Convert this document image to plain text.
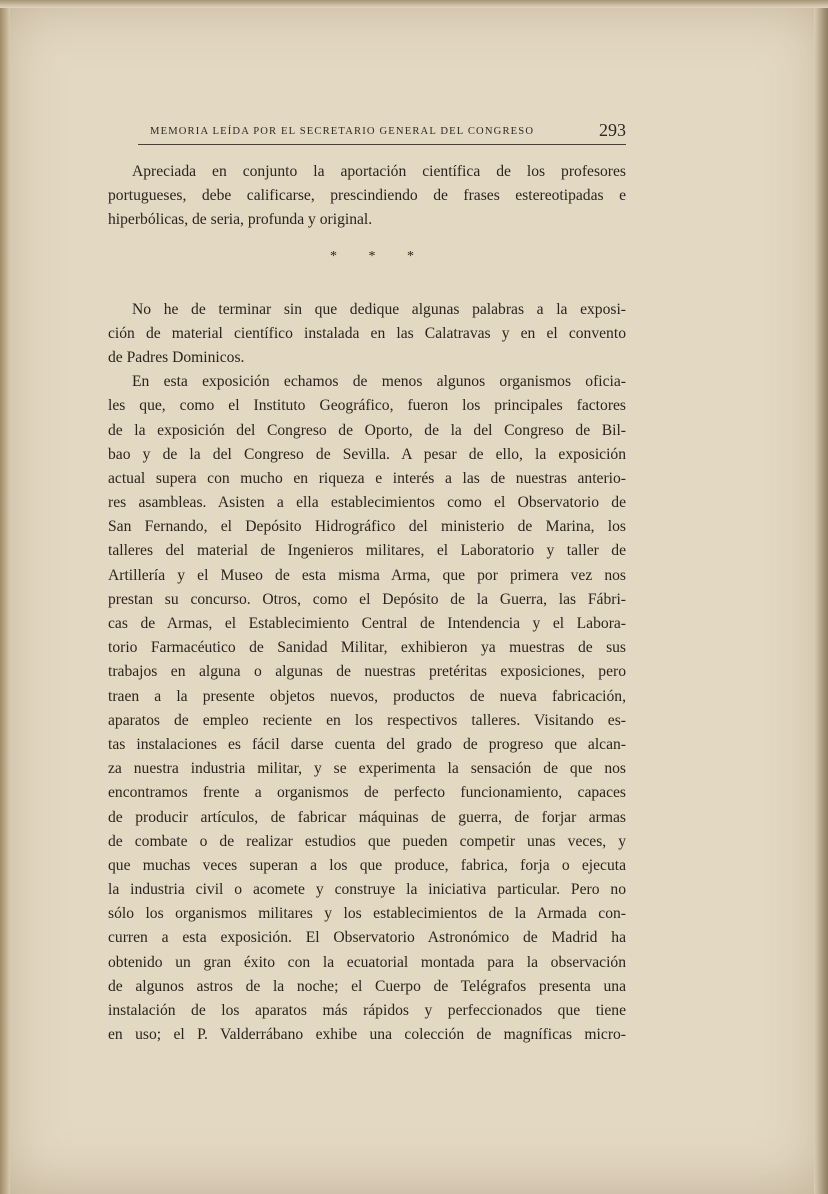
MEMORIA LEÍDA POR EL SECRETARIO GENERAL DEL CONGRESO	293
Apreciada en conjunto la aportación científica de los profesores
portugueses, debe calificarse, prescindiendo de frases estereotipadas e
hiperbólicas, de seria, profunda y original.
* * *
No he de terminar sin que dedique algunas palabras a la exposi-
ción de material científico instalada en las Calatravas y en el convento
de Padres Dominicos.
En esta exposición echamos de menos algunos organismos oficia-
les que, como el Instituto Geográfico, fueron los principales factores
de la exposición del Congreso de Oporto, de la del Congreso de Bil-
bao y de la del Congreso de Sevilla. A pesar de ello, la exposición
actual supera con mucho en riqueza e interés a las de nuestras anterio-
res asambleas. Asisten a ella establecimientos como el Observatorio de
San Fernando, el Depósito Hidrográfico del ministerio de Marina, los
talleres del material de Ingenieros militares, el Laboratorio y taller de
Artillería y el Museo de esta misma Arma, que por primera vez nos
prestan su concurso. Otros, como el Depósito de la Guerra, las Fábri-
cas de Armas, el Establecimiento Central de Intendencia y el Labora-
torio Farmacéutico de Sanidad Militar, exhibieron ya muestras de sus
trabajos en alguna o algunas de nuestras pretéritas exposiciones, pero
traen a la presente objetos nuevos, productos de nueva fabricación,
aparatos de empleo reciente en los respectivos talleres. Visitando es-
tas instalaciones es fácil darse cuenta del grado de progreso que alcan-
za nuestra industria militar, y se experimenta la sensación de que nos
encontramos frente a organismos de perfecto funcionamiento, capaces
de producir artículos, de fabricar máquinas de guerra, de forjar armas
de combate o de realizar estudios que pueden competir unas veces, y
que muchas veces superan a los que produce, fabrica, forja o ejecuta
la industria civil o acomete y construye la iniciativa particular. Pero no
sólo los organismos militares y los establecimientos de la Armada con-
curren a esta exposición. El Observatorio Astronómico de Madrid ha
obtenido un gran éxito con la ecuatorial montada para la observación
de algunos astros de la noche; el Cuerpo de Telégrafos presenta una
instalación de los aparatos más rápidos y perfeccionados que tiene
en uso; el P. Valderrábano exhibe una colección de magníficas micro-
